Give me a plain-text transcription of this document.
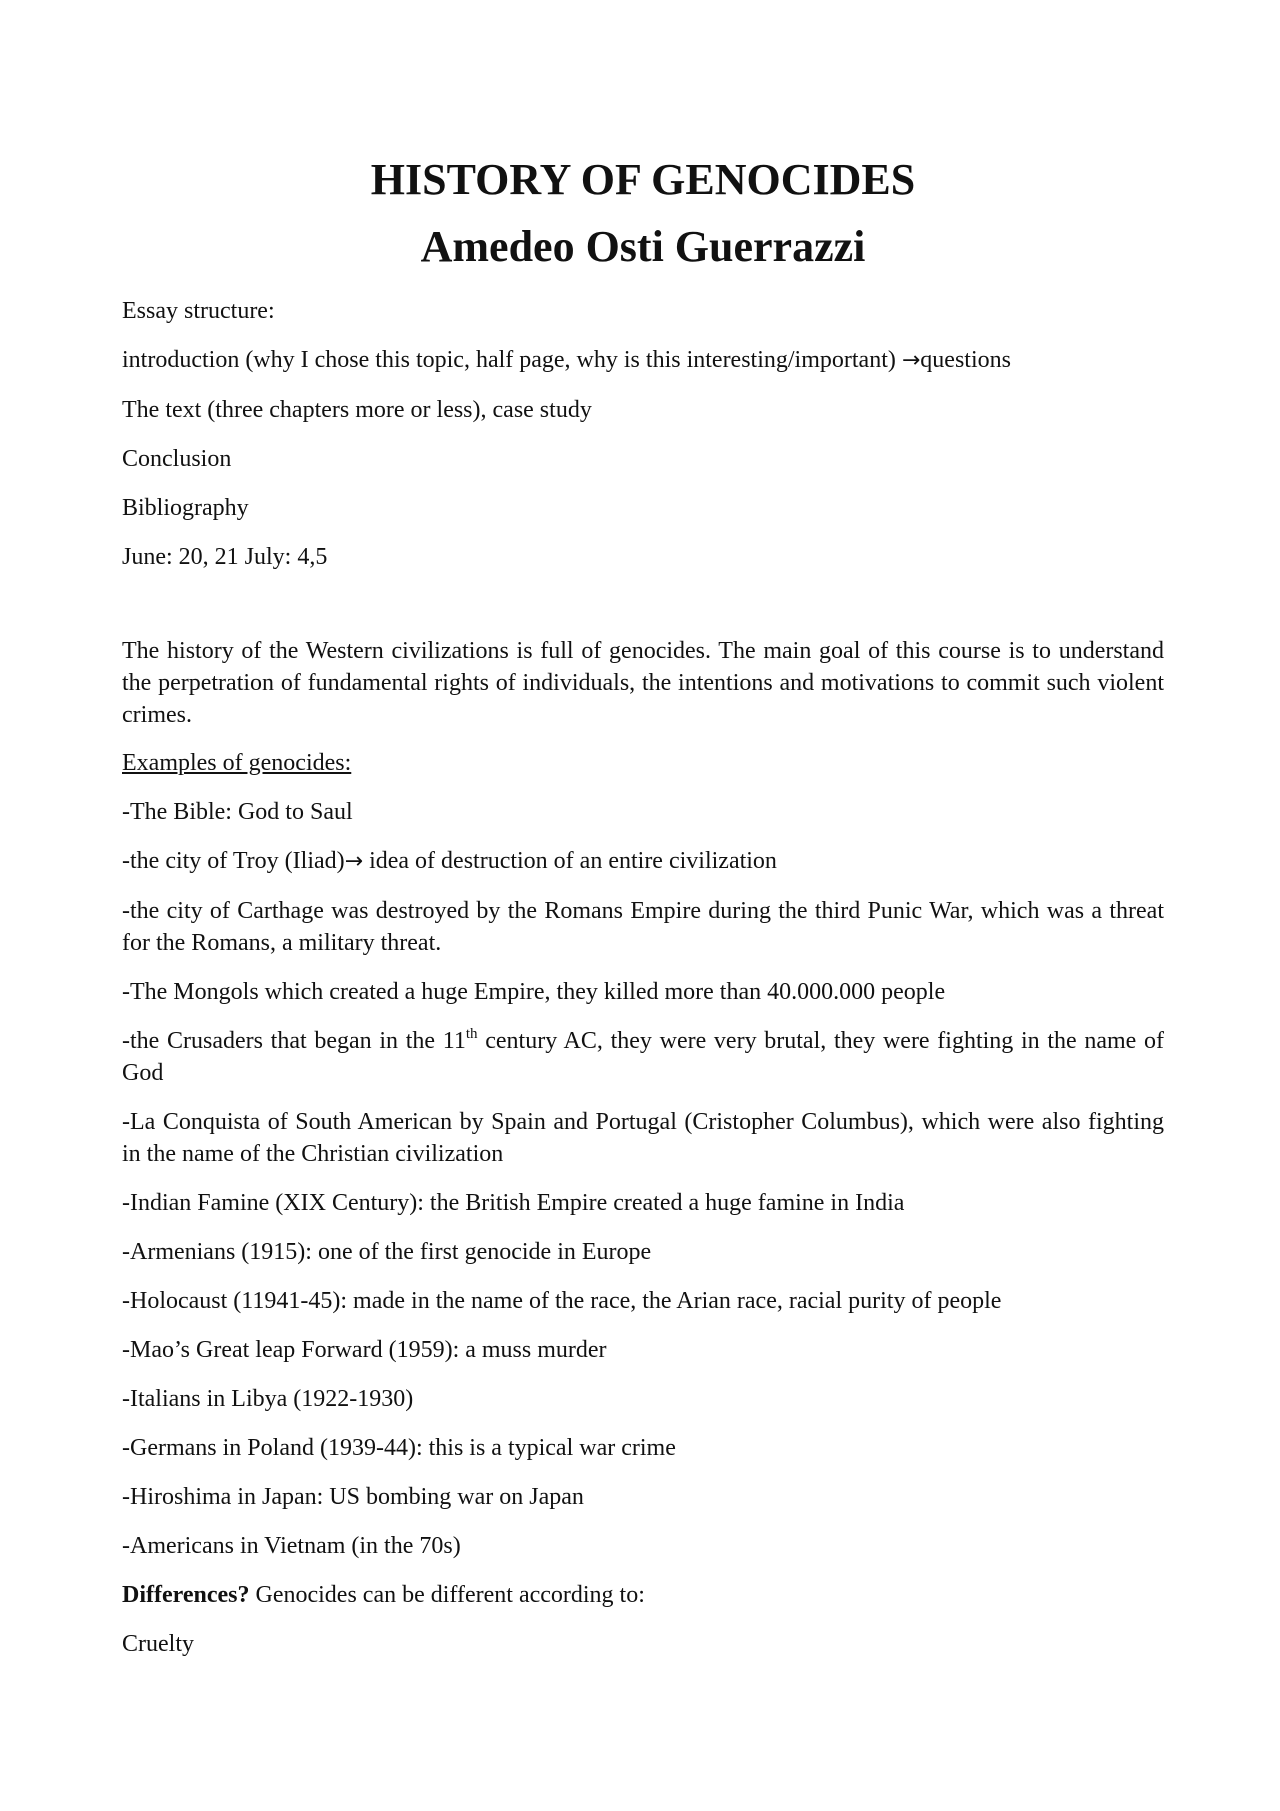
HISTORY OF GENOCIDES
Amedeo Osti Guerrazzi

Essay structure:

introduction (why I chose this topic, half page, why is this interesting/important) →questions

The text (three chapters more or less), case study

Conclusion

Bibliography

June: 20, 21 July: 4,5

The history of the Western civilizations is full of genocides. The main goal of this course is to understand the perpetration of fundamental rights of individuals, the intentions and motivations to commit such violent crimes.

Examples of genocides:

-The Bible: God to Saul

-the city of Troy (Iliad)→ idea of destruction of an entire civilization

-the city of Carthage was destroyed by the Romans Empire during the third Punic War, which was a threat for the Romans, a military threat.

-The Mongols which created a huge Empire, they killed more than 40.000.000 people

-the Crusaders that began in the 11th century AC, they were very brutal, they were fighting in the name of God

-La Conquista of South American by Spain and Portugal (Cristopher Columbus), which were also fighting in the name of the Christian civilization

-Indian Famine (XIX Century): the British Empire created a huge famine in India

-Armenians (1915): one of the first genocide in Europe

-Holocaust (11941-45): made in the name of the race, the Arian race, racial purity of people

-Mao’s Great leap Forward (1959): a muss murder

-Italians in Libya (1922-1930)

-Germans in Poland (1939-44): this is a typical war crime

-Hiroshima in Japan: US bombing war on Japan

-Americans in Vietnam (in the 70s)

Differences? Genocides can be different according to:

Cruelty
